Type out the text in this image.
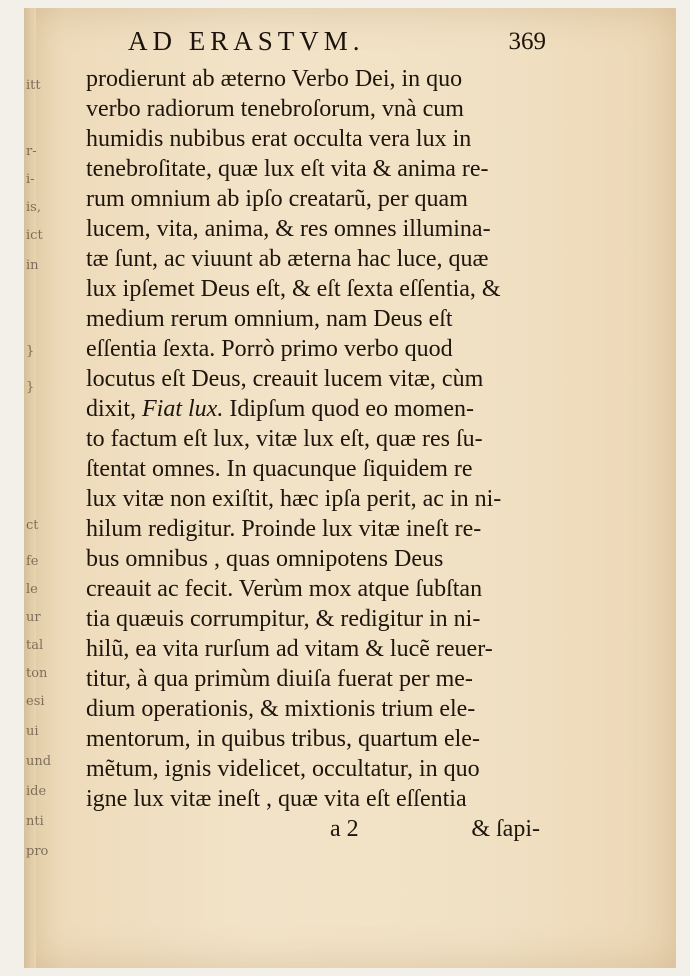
itt
r-
i-
is,
ict
in
}
}
ct
fe
le
ur
tal
ton
esi
ui
und
ide
nti
pro
AD ERASTVM.	369
prodierunt ab æterno Verbo Dei, in quo
verbo radiorum tenebroſorum, vnà cum
humidis nubibus erat occulta vera lux in
tenebroſitate, quæ lux eſt vita & anima re-
rum omnium ab ipſo creatarũ, per quam
lucem, vita, anima, & res omnes illumina-
tæ ſunt, ac viuunt ab æterna hac luce, quæ
lux ipſemet Deus eſt, & eſt ſexta eſſentia, &
medium rerum omnium, nam Deus eſt
eſſentia ſexta. Porrò primo verbo quod
locutus eſt Deus, creauit lucem vitæ, cùm
dixit, Fiat lux. Idipſum quod eo momen-
to factum eſt lux, vitæ lux eſt, quæ res ſu-
ſtentat omnes. In quacunque ſiquidem re
lux vitæ non exiſtit, hæc ipſa perit, ac in ni-
hilum redigitur. Proinde lux vitæ ineſt re-
bus omnibus , quas omnipotens Deus
creauit ac fecit. Verùm mox atque ſubſtan
tia quæuis corrumpitur, & redigitur in ni-
hilũ, ea vita rurſum ad vitam & lucẽ reuer-
titur, à qua primùm diuiſa fuerat per me-
dium operationis, & mixtionis trium ele-
mentorum, in quibus tribus, quartum ele-
mẽtum, ignis videlicet, occultatur, in quo
igne lux vitæ ineſt , quæ vita eſt eſſentia
a 2	& ſapi-
